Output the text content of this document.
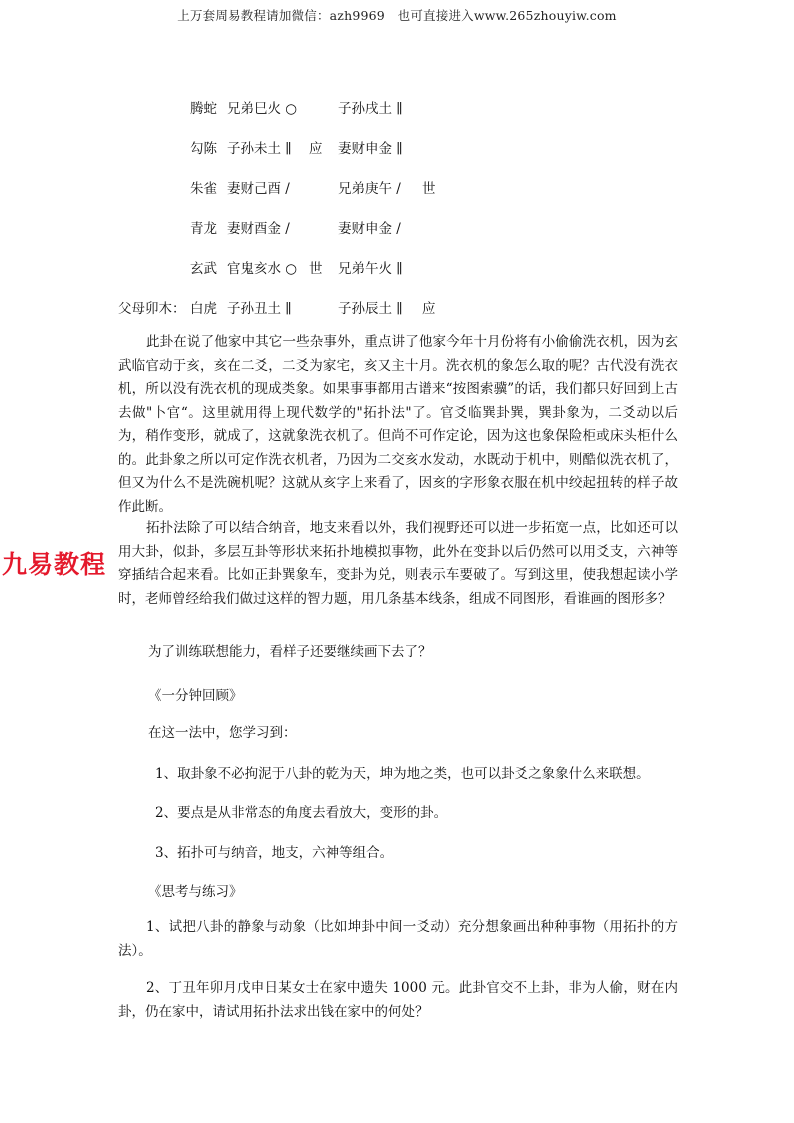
上万套周易教程请加微信：azh9969　也可直接进入www.265zhouyiw.com
腾蛇 兄弟巳火 ○	子孙戌土 ∥
勾陈 子孙未土 ∥ 应 妻财申金 ∥
朱雀 妻财己酉 /	兄弟庚午 / 世
青龙 妻财酉金 /	妻财申金 /
玄武 官鬼亥水 ○ 世 兄弟午火 ∥
父母卯木： 白虎 子孙丑土 ∥	子孙辰土 ∥ 应

此卦在说了他家中其它一些杂事外，重点讲了他家今年十月份将有小偷偷洗衣机，因为玄武临官动于亥，亥在二爻，二爻为家宅，亥又主十月。洗衣机的象怎么取的呢？古代没有洗衣机，所以没有洗衣机的现成类象。如果事事都用古谱来“按图索骥”的话，我们都只好回到上古去做"卜官“。这里就用得上现代数学的"拓扑法"了。官爻临巽卦巽，巽卦象为，二爻动以后为，稍作变形，就成了，这就象洗衣机了。但尚不可作定论，因为这也象保险柜或床头柜什么的。此卦象之所以可定作洗衣机者，乃因为二交亥水发动，水既动于机中，则酷似洗衣机了，但又为什么不是洗碗机呢？这就从亥字上来看了，因亥的字形象衣服在机中绞起扭转的样子故作此断。

拓扑法除了可以结合纳音，地支来看以外，我们视野还可以进一步拓宽一点，比如还可以用大卦，似卦，多层互卦等形状来拓扑地模拟事物，此外在变卦以后仍然可以用爻支，六神等穿插结合起来看。比如正卦巽象车，变卦为兑，则表示车要破了。写到这里，使我想起读小学时，老师曾经给我们做过这样的智力题，用几条基本线条，组成不同图形，看谁画的图形多？

九易教程
为了训练联想能力，看样子还要继续画下去了？
《一分钟回顾》
在这一法中，您学习到：
1、取卦象不必拘泥于八卦的乾为天，坤为地之类，也可以卦爻之象象什么来联想。
2、要点是从非常态的角度去看放大，变形的卦。
3、拓扑可与纳音，地支，六神等组合。
《思考与练习》

1、试把八卦的静象与动象（比如坤卦中间一爻动）充分想象画出种种事物（用拓扑的方法）。

2、丁丑年卯月戊申日某女士在家中遗失 1000 元。此卦官交不上卦，非为人偷，财在内卦，仍在家中，请试用拓扑法求出钱在家中的何处？
